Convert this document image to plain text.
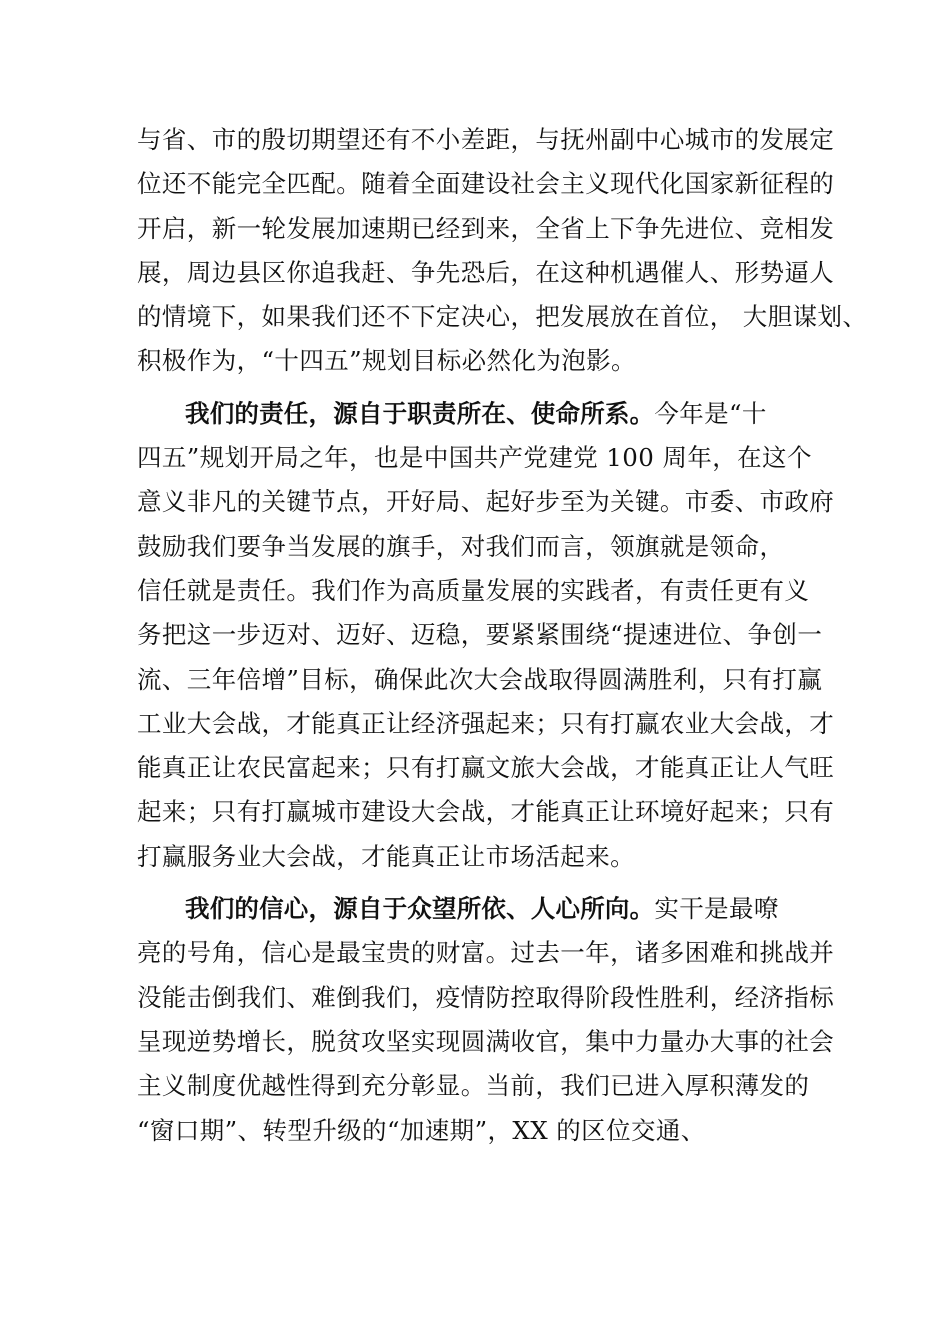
与省、市的殷切期望还有不小差距，与抚州副中心城市的发展定
位还不能完全匹配。随着全面建设社会主义现代化国家新征程的
开启，新一轮发展加速期已经到来，全省上下争先进位、竞相发
展，周边县区你追我赶、争先恐后，在这种机遇催人、形势逼人
的情境下，如果我们还不下定决心，把发展放在首位， 大胆谋划、
积极作为，“十四五”规划目标必然化为泡影。
我们的责任，源自于职责所在、使命所系。今年是“十
四五”规划开局之年，也是中国共产党建党 100 周年，在这个
意义非凡的关键节点，开好局、起好步至为关键。市委、市政府
鼓励我们要争当发展的旗手，对我们而言，领旗就是领命，
信任就是责任。我们作为高质量发展的实践者，有责任更有义
务把这一步迈对、迈好、迈稳，要紧紧围绕“提速进位、争创一
流、三年倍增”目标，确保此次大会战取得圆满胜利，只有打赢
工业大会战，才能真正让经济强起来；只有打赢农业大会战，才
能真正让农民富起来；只有打赢文旅大会战，才能真正让人气旺
起来；只有打赢城市建设大会战，才能真正让环境好起来；只有
打赢服务业大会战，才能真正让市场活起来。
我们的信心，源自于众望所依、人心所向。实干是最嘹
亮的号角，信心是最宝贵的财富。过去一年，诸多困难和挑战并
没能击倒我们、难倒我们，疫情防控取得阶段性胜利，经济指标
呈现逆势增长，脱贫攻坚实现圆满收官，集中力量办大事的社会
主义制度优越性得到充分彰显。当前，我们已进入厚积薄发的
“窗口期”、转型升级的“加速期”，XX 的区位交通、
